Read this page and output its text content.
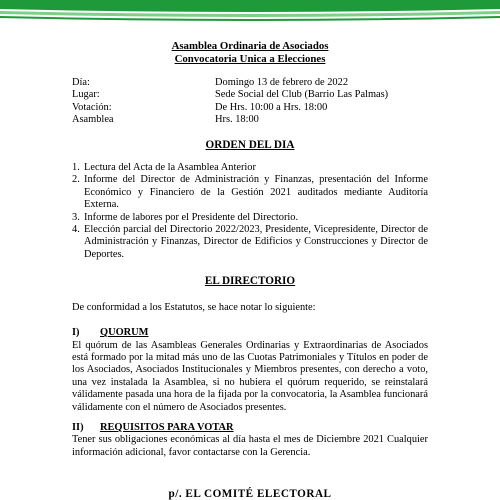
Asamblea Ordinaria de Asociados
Convocatoria Unica a Elecciones
Día:	Domingo 13 de febrero de 2022
Lugar:	Sede Social del Club (Barrio Las Palmas)
Votación:	De Hrs. 10:00 a Hrs. 18:00
Asamblea	Hrs. 18:00
ORDEN DEL DIA
1. Lectura del Acta de la Asamblea Anterior
2. Informe del Director de Administración y Finanzas, presentación del Informe Económico y Financiero de la Gestión 2021 auditados mediante Auditoría Externa.
3. Informe de labores por el Presidente del Directorio.
4. Elección parcial del Directorio 2022/2023, Presidente, Vicepresidente, Director de Administración y Finanzas, Director de Edificios y Construcciones y Director de Deportes.
EL DIRECTORIO
De conformidad a los Estatutos, se hace notar lo siguiente:
I)	QUORUM
El quórum de las Asambleas Generales Ordinarias y Extraordinarias de Asociados está formado por la mitad más uno de las Cuotas Patrimoniales y Títulos en poder de los Asociados, Asociados Institucionales y Miembros presentes, con derecho a voto, una vez instalada la Asamblea, si no hubiera el quórum requerido, se reinstalará válidamente pasada una hora de la fijada por la convocatoria, la Asamblea funcionará válidamente con el número de Asociados presentes.
II)	REQUISITOS PARA VOTAR
Tener sus obligaciones económicas al día hasta el mes de Diciembre 2021 Cualquier información adicional, favor contactarse con la Gerencia.
p/. EL COMITÉ ELECTORAL
